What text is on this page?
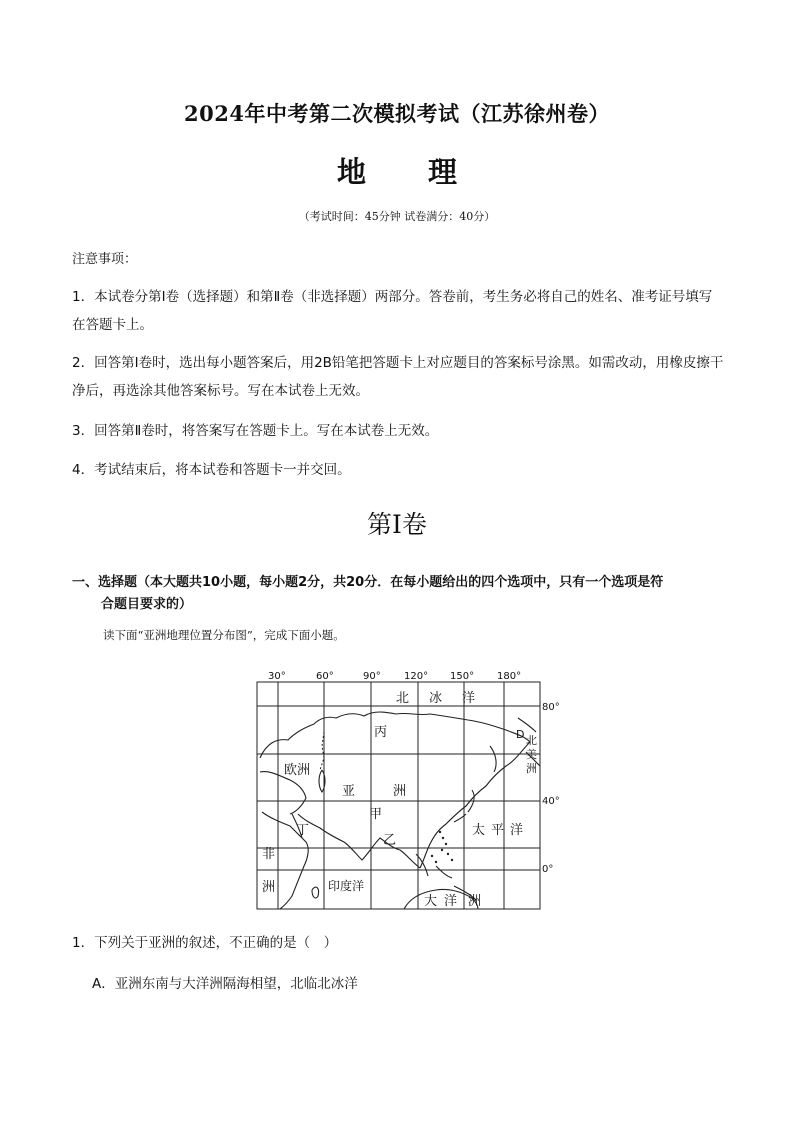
2024年中考第二次模拟考试（江苏徐州卷）
地 理
（考试时间：45分钟 试卷满分：40分）
注意事项：
1．本试卷分第Ⅰ卷（选择题）和第Ⅱ卷（非选择题）两部分。答卷前，考生务必将自己的姓名、准考证号填写在答题卡上。
2．回答第Ⅰ卷时，选出每小题答案后，用2B铅笔把答题卡上对应题目的答案标号涂黑。如需改动，用橡皮擦干净后，再选涂其他答案标号。写在本试卷上无效。
3．回答第Ⅱ卷时，将答案写在答题卡上。写在本试卷上无效。
4．考试结束后，将本试卷和答题卡一并交回。
第Ⅰ卷
一、选择题（本大题共10小题，每小题2分，共20分．在每小题给出的四个选项中，只有一个选项是符
合题目要求的）
读下面“亚洲地理位置分布图”，完成下面小题。
30°	60°	90° 120° 150° 180°
80°
40°
0°
北 冰 洋
丙
欧洲
亚	洲
甲
乙
丁
D 北
美
洲
太 平 洋
非
洲	印度洋
大 洋 洲
1．下列关于亚洲的叙述，不正确的是（　）
A．亚洲东南与大洋洲隔海相望，北临北冰洋
